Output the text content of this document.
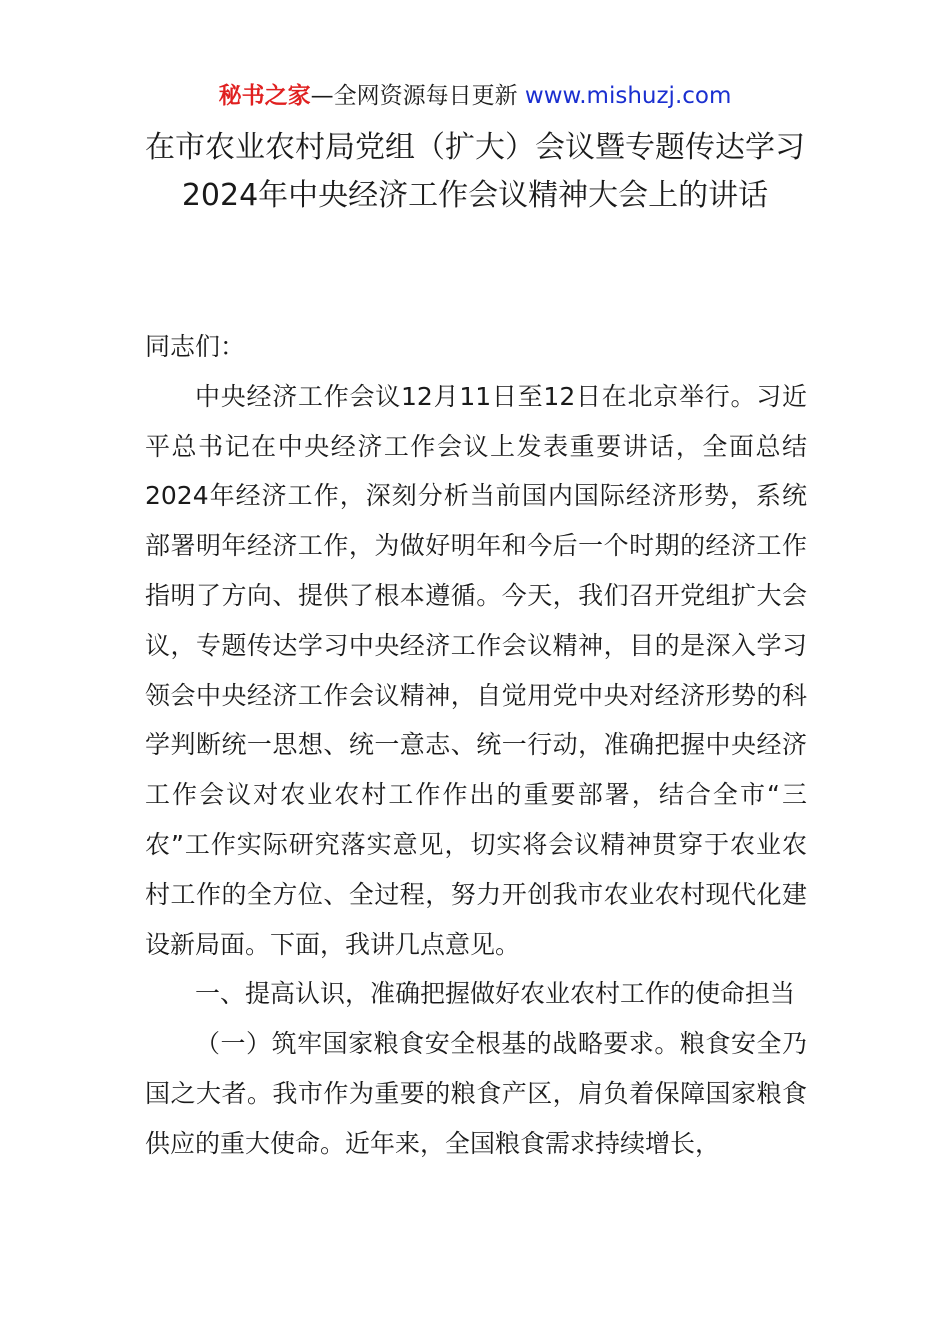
秘书之家—全网资源每日更新 www.mishuzj.com
在市农业农村局党组（扩大）会议暨专题传达学习2024年中央经济工作会议精神大会上的讲话

同志们：

中央经济工作会议12月11日至12日在北京举行。习近平总书记在中央经济工作会议上发表重要讲话，全面总结2024年经济工作，深刻分析当前国内国际经济形势，系统部署明年经济工作，为做好明年和今后一个时期的经济工作指明了方向、提供了根本遵循。今天，我们召开党组扩大会议，专题传达学习中央经济工作会议精神，目的是深入学习领会中央经济工作会议精神，自觉用党中央对经济形势的科学判断统一思想、统一意志、统一行动，准确把握中央经济工作会议对农业农村工作作出的重要部署，结合全市“三农”工作实际研究落实意见，切实将会议精神贯穿于农业农村工作的全方位、全过程，努力开创我市农业农村现代化建设新局面。下面，我讲几点意见。

一、提高认识，准确把握做好农业农村工作的使命担当

（一）筑牢国家粮食安全根基的战略要求。粮食安全乃国之大者。我市作为重要的粮食产区，肩负着保障国家粮食供应的重大使命。近年来，全国粮食需求持续增长，
